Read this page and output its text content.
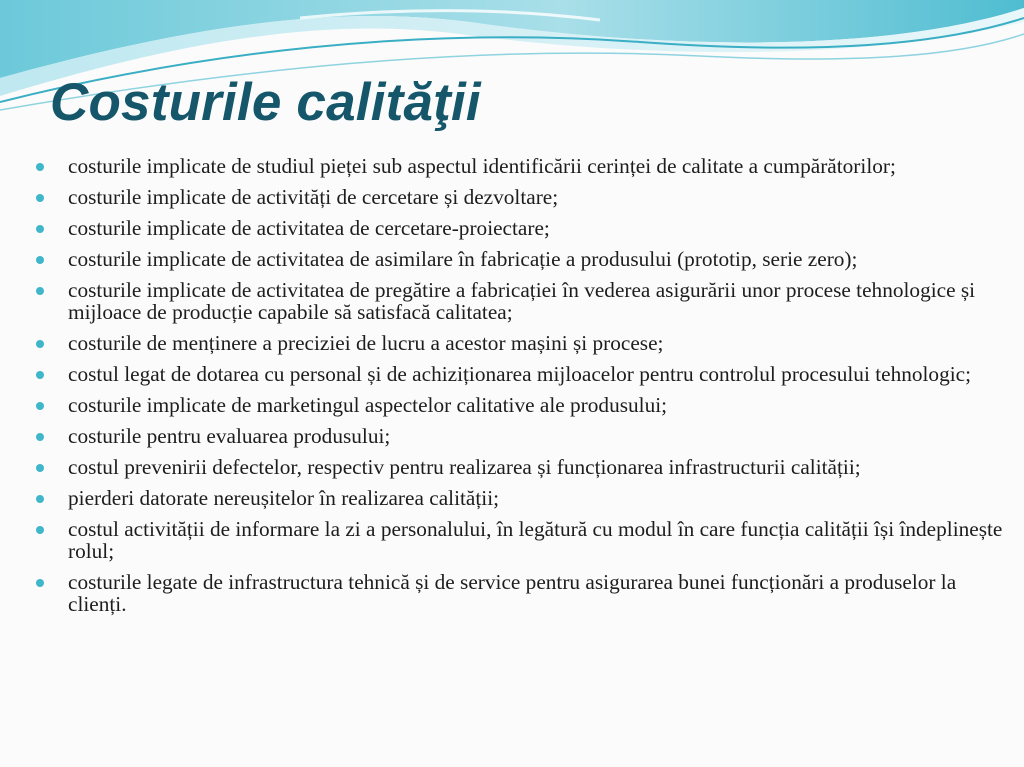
Costurile calităţii
costurile implicate de studiul pieței sub aspectul identificării cerinței de calitate a cumpărătorilor;
costurile implicate de activități de cercetare și dezvoltare;
costurile implicate de activitatea de cercetare-proiectare;
costurile implicate de activitatea de asimilare în fabricație a produsului (prototip, serie zero);
costurile implicate de activitatea de pregătire a fabricației în vederea asigurării unor procese tehnologice și mijloace de producție capabile să satisfacă calitatea;
costurile de menținere a preciziei de lucru a acestor mașini și procese;
costul legat de dotarea cu personal și de achiziționarea mijloacelor pentru controlul procesului tehnologic;
costurile implicate de marketingul aspectelor calitative ale produsului;
costurile pentru evaluarea produsului;
costul prevenirii defectelor, respectiv pentru realizarea și funcționarea infrastructurii calității;
pierderi datorate nereușitelor în realizarea calității;
costul activității de informare la zi a personalului, în legătură cu modul în care funcția calității își îndeplinește rolul;
costurile legate de infrastructura tehnică și de service pentru asigurarea bunei funcționări a produselor la clienți.
